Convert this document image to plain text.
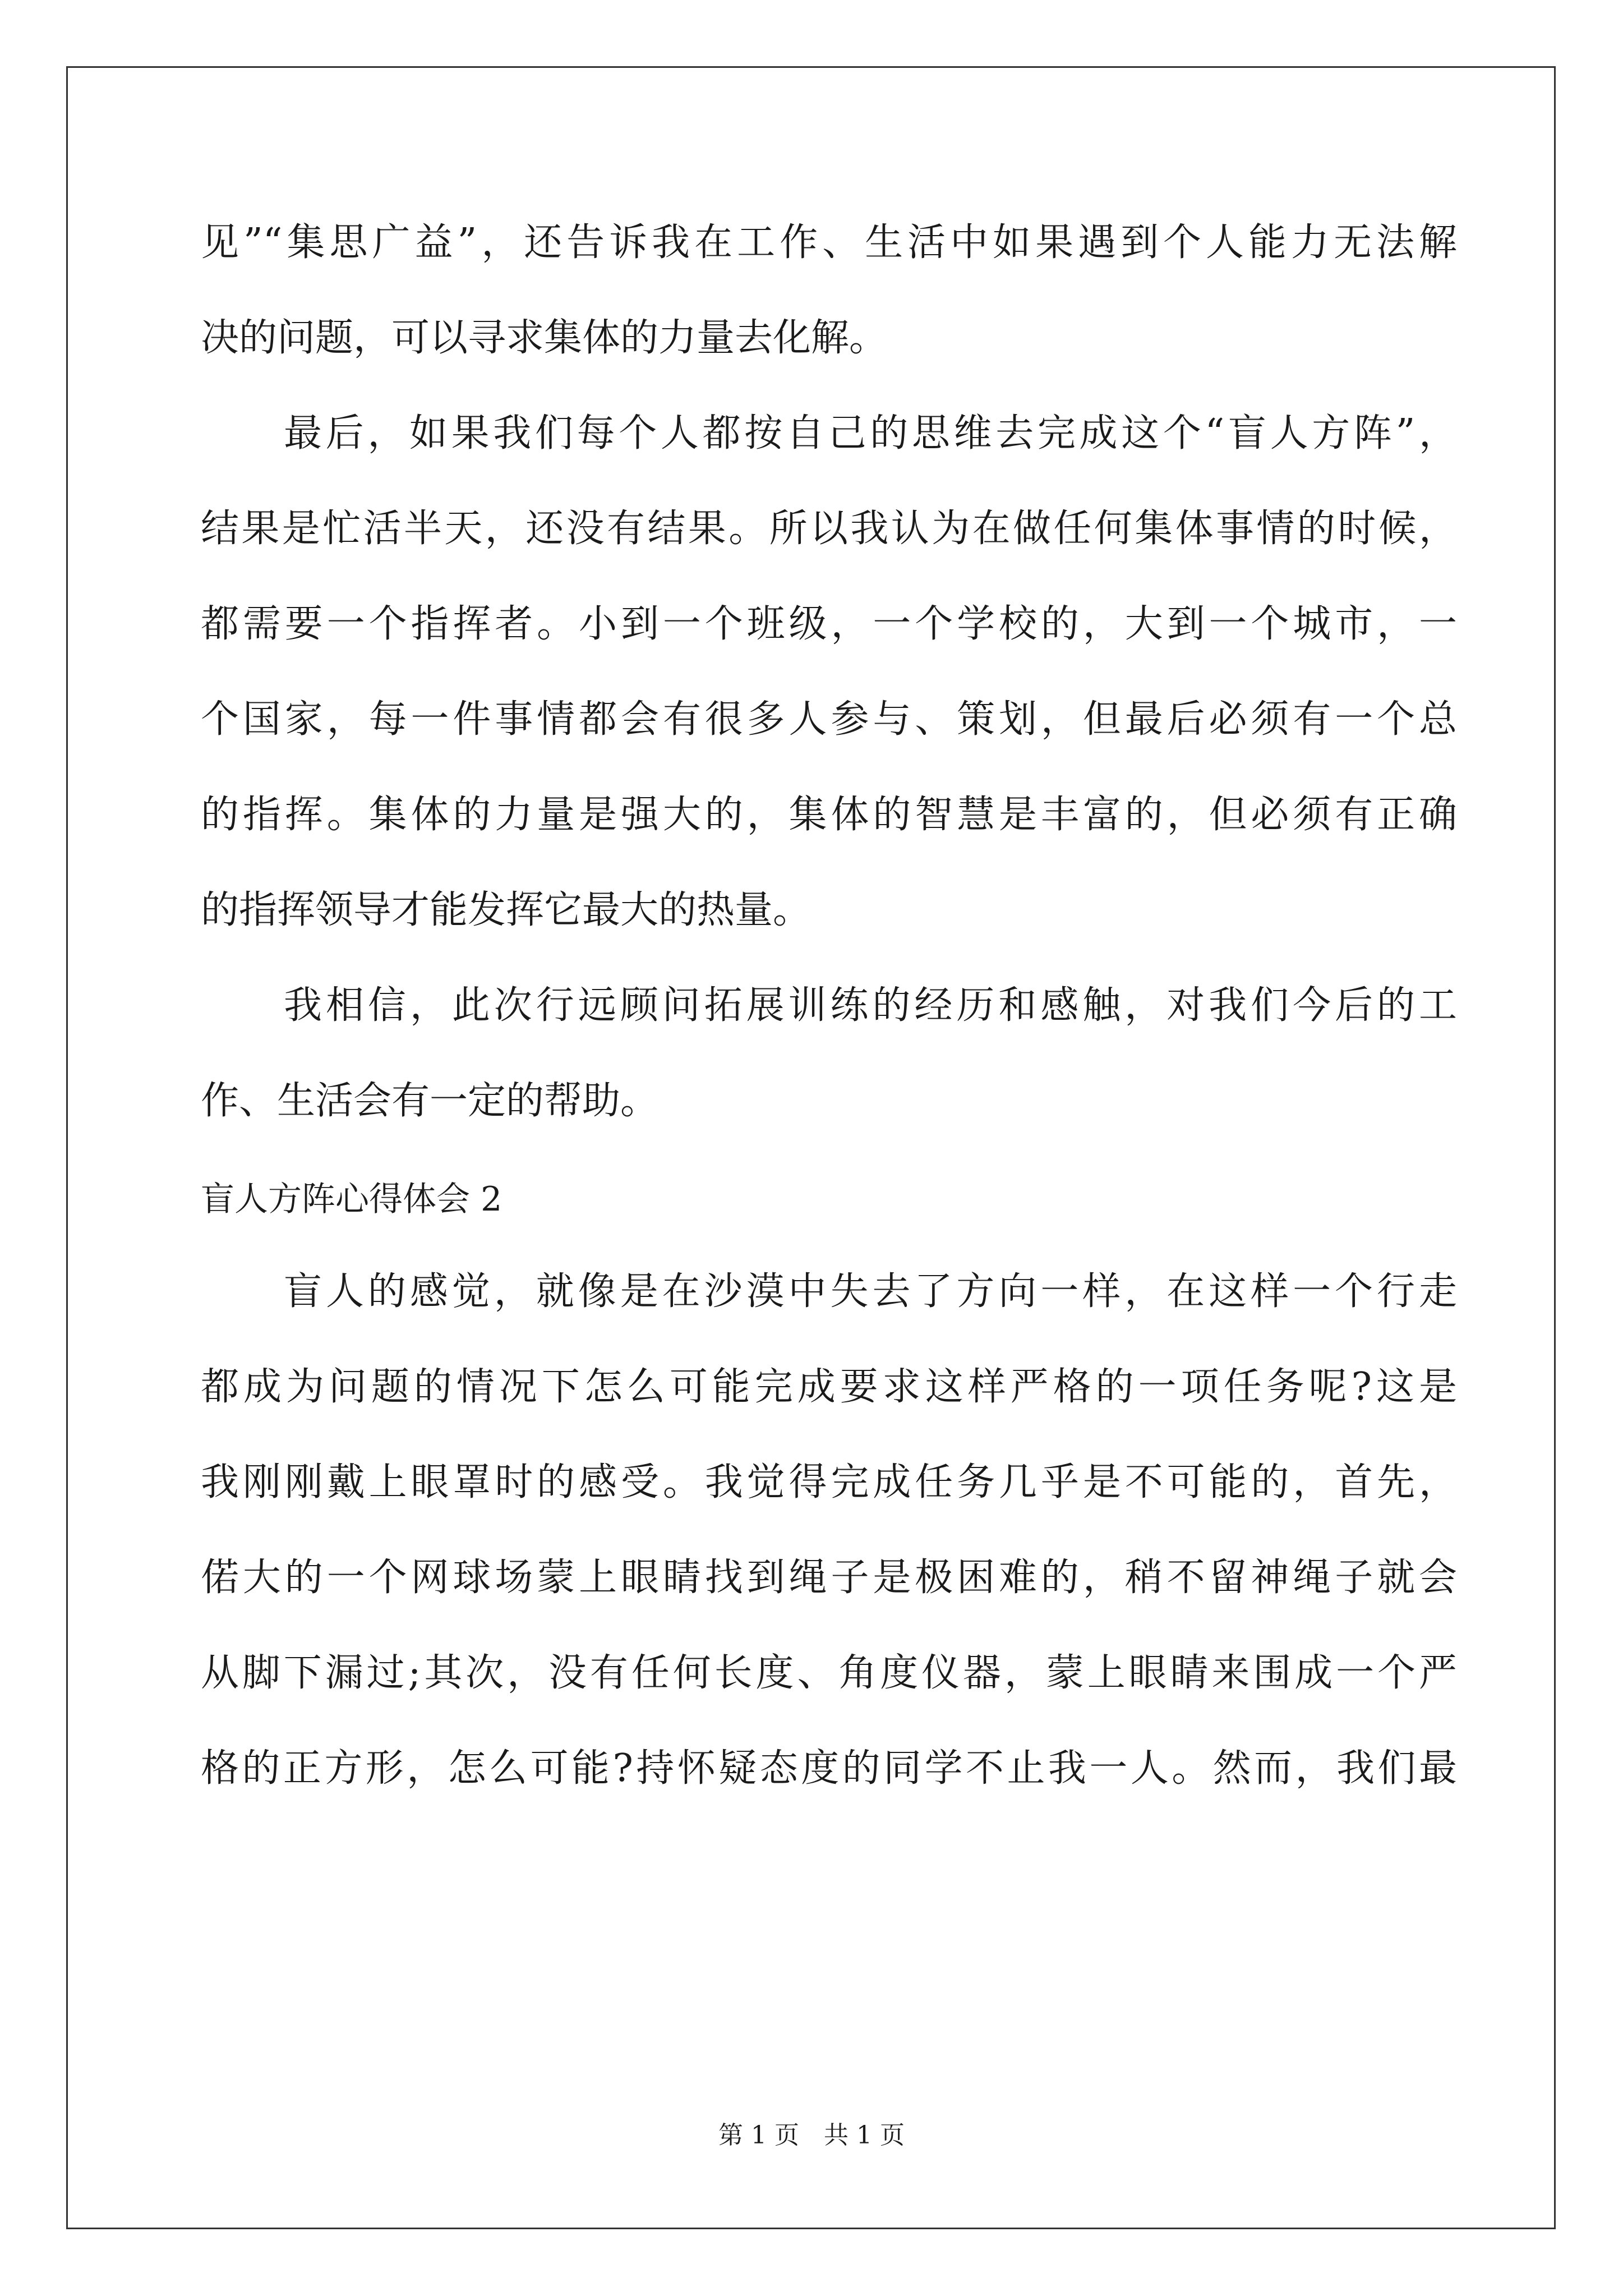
见”“集思广益”，还告诉我在工作、生活中如果遇到个人能力无法解
决的问题，可以寻求集体的力量去化解。
最后，如果我们每个人都按自己的思维去完成这个“盲人方阵”，
结果是忙活半天，还没有结果。所以我认为在做任何集体事情的时候，
都需要一个指挥者。小到一个班级，一个学校的，大到一个城市，一
个国家，每一件事情都会有很多人参与、策划，但最后必须有一个总
的指挥。集体的力量是强大的，集体的智慧是丰富的，但必须有正确
的指挥领导才能发挥它最大的热量。
我相信，此次行远顾问拓展训练的经历和感触，对我们今后的工
作、生活会有一定的帮助。
盲人方阵心得体会 2
盲人的感觉，就像是在沙漠中失去了方向一样，在这样一个行走
都成为问题的情况下怎么可能完成要求这样严格的一项任务呢?这是
我刚刚戴上眼罩时的感受。我觉得完成任务几乎是不可能的，首先，
偌大的一个网球场蒙上眼睛找到绳子是极困难的，稍不留神绳子就会
从脚下漏过;其次，没有任何长度、角度仪器，蒙上眼睛来围成一个严
格的正方形，怎么可能?持怀疑态度的同学不止我一人。然而，我们最
第 1 页　共 1 页
